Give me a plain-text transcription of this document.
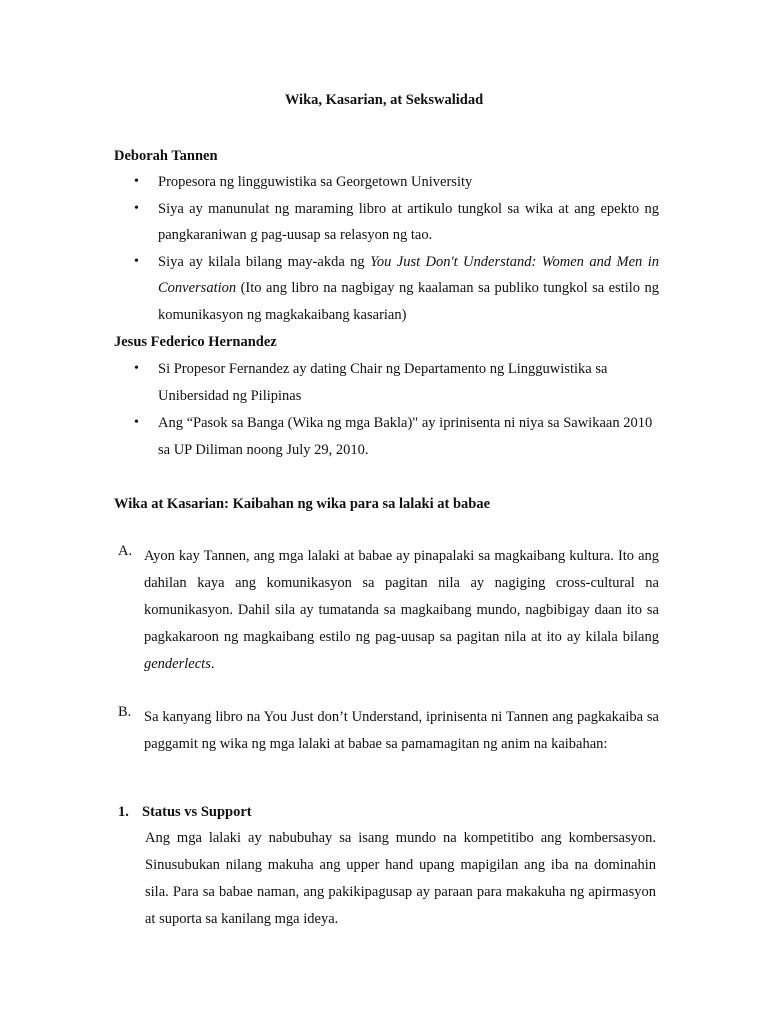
Wika, Kasarian, at Sekswalidad
Deborah Tannen
• Propesora ng lingguwistika sa Georgetown University
• Siya ay manunulat ng maraming libro at artikulo tungkol sa wika at ang epekto ng pangkaraniwan g pag-uusap sa relasyon ng tao.
• Siya ay kilala bilang may-akda ng You Just Don't Understand: Women and Men in Conversation (Ito ang libro na nagbigay ng kaalaman sa publiko tungkol sa estilo ng komunikasyon ng magkakaibang kasarian)
Jesus Federico Hernandez
• Si Propesor Fernandez ay dating Chair ng Departamento ng Lingguwistika sa Unibersidad ng Pilipinas
• Ang “Pasok sa Banga (Wika ng mga Bakla)" ay iprinisenta ni niya sa Sawikaan 2010 sa UP Diliman noong July 29, 2010.
Wika at Kasarian: Kaibahan ng wika para sa lalaki at babae
A. Ayon kay Tannen, ang mga lalaki at babae ay pinapalaki sa magkaibang kultura. Ito ang dahilan kaya ang komunikasyon sa pagitan nila ay nagiging cross-cultural na komunikasyon. Dahil sila ay tumatanda sa magkaibang mundo, nagbibigay daan ito sa pagkakaroon ng magkaibang estilo ng pag-uusap sa pagitan nila at ito ay kilala bilang genderlects.
B. Sa kanyang libro na You Just don’t Understand, iprinisenta ni Tannen ang pagkakaiba sa paggamit ng wika ng mga lalaki at babae sa pamamagitan ng anim na kaibahan:
1. Status vs Support
Ang mga lalaki ay nabubuhay sa isang mundo na kompetitibo ang kombersasyon. Sinusubukan nilang makuha ang upper hand upang mapigilan ang iba na dominahin sila. Para sa babae naman, ang pakikipagusap ay paraan para makakuha ng apirmasyon at suporta sa kanilang mga ideya.
